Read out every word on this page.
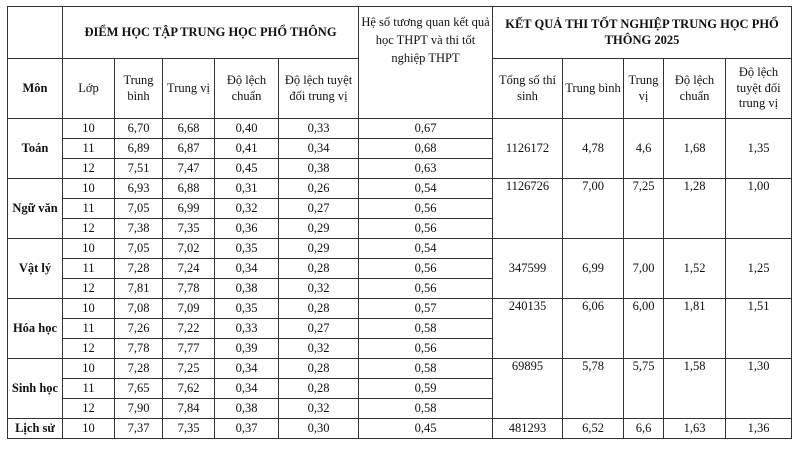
	ĐIỂM HỌC TẬP TRUNG HỌC PHỔ THÔNG					Hệ số tương quan kết quả học THPT và thi tốt nghiệp THPT	KẾT QUẢ THI TỐT NGHIỆP TRUNG HỌC PHỔ THÔNG 2025				
Môn	Lớp	Trung bình	Trung vị	Độ lệch chuẩn	Độ lệch tuyệt đối trung vị		Tổng số thí sinh	Trung bình	Trung vị	Độ lệch chuẩn	Độ lệch tuyệt đối trung vị
Toán	10	6,70	6,68	0,40	0,33	0,67	1126172	4,78	4,6	1,68	1,35
	11	6,89	6,87	0,41	0,34	0,68					
	12	7,51	7,47	0,45	0,38	0,63					
Ngữ văn	10	6,93	6,88	0,31	0,26	0,54	1126726	7,00	7,25	1,28	1,00
	11	7,05	6,99	0,32	0,27	0,56					
	12	7,38	7,35	0,36	0,29	0,56					
Vật lý	10	7,05	7,02	0,35	0,29	0,54	347599	6,99	7,00	1,52	1,25
	11	7,28	7,24	0,34	0,28	0,56					
	12	7,81	7,78	0,38	0,32	0,56					
Hóa học	10	7,08	7,09	0,35	0,28	0,57	240135	6,06	6,00	1,81	1,51
	11	7,26	7,22	0,33	0,27	0,58					
	12	7,78	7,77	0,39	0,32	0,56					
Sinh học	10	7,28	7,25	0,34	0,28	0,58	69895	5,78	5,75	1,58	1,30
	11	7,65	7,62	0,34	0,28	0,59					
	12	7,90	7,84	0,38	0,32	0,58					
Lịch sử	10	7,37	7,35	0,37	0,30	0,45	481293	6,52	6,6	1,63	1,36
